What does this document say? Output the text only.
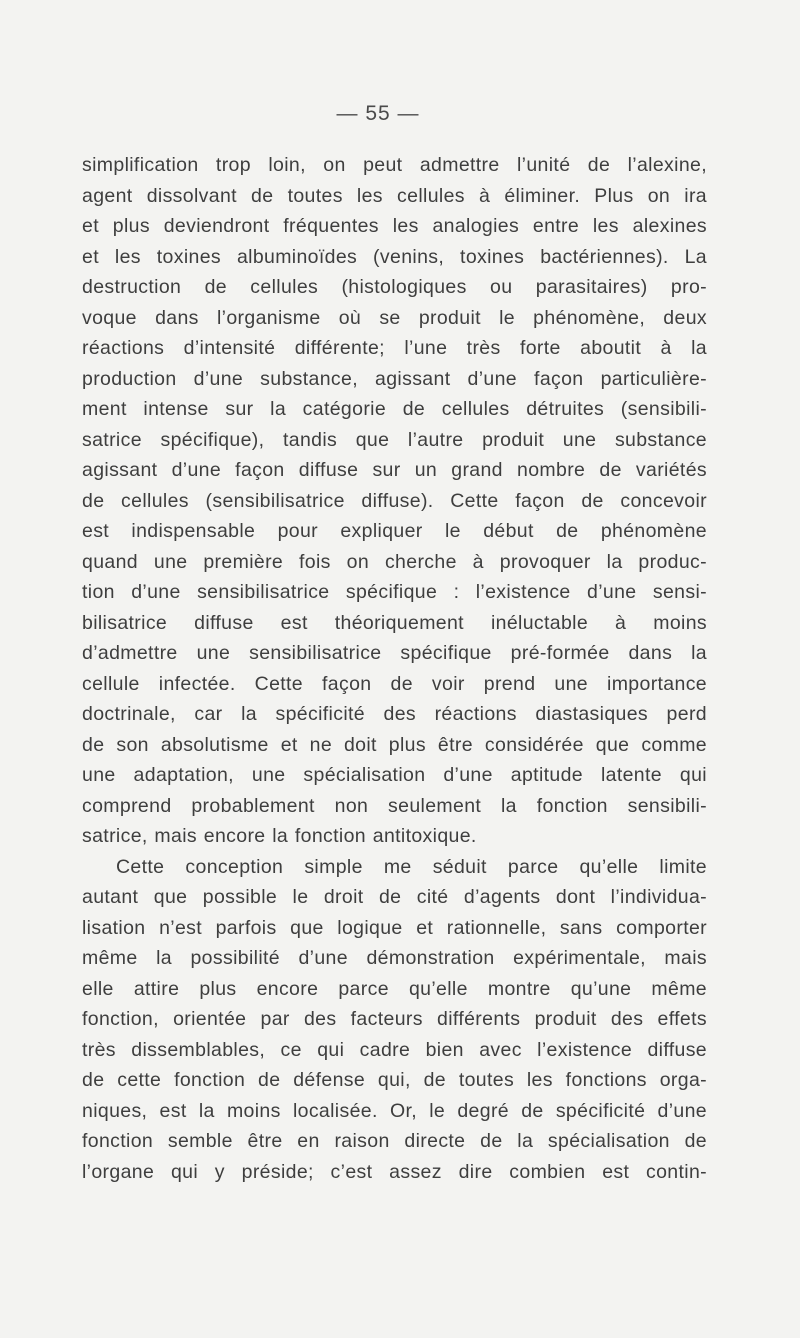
— 55 —
simplification trop loin, on peut admettre l’unité de l’alexine,
agent dissolvant de toutes les cellules à éliminer. Plus on ira
et plus deviendront fréquentes les analogies entre les alexines
et les toxines albuminoïdes (venins, toxines bactériennes). La
destruction de cellules (histologiques ou parasitaires) pro-
voque dans l’organisme où se produit le phénomène, deux
réactions d’intensité différente; l’une très forte aboutit à la
production d’une substance, agissant d’une façon particulière-
ment intense sur la catégorie de cellules détruites (sensibili-
satrice spécifique), tandis que l’autre produit une substance
agissant d’une façon diffuse sur un grand nombre de variétés
de cellules (sensibilisatrice diffuse). Cette façon de concevoir
est indispensable pour expliquer le début de phénomène
quand une première fois on cherche à provoquer la produc-
tion d’une sensibilisatrice spécifique : l’existence d’une sensi-
bilisatrice diffuse est théoriquement inéluctable à moins
d’admettre une sensibilisatrice spécifique pré-formée dans la
cellule infectée. Cette façon de voir prend une importance
doctrinale, car la spécificité des réactions diastasiques perd
de son absolutisme et ne doit plus être considérée que comme
une adaptation, une spécialisation d’une aptitude latente qui
comprend probablement non seulement la fonction sensibili-
satrice, mais encore la fonction antitoxique.
Cette conception simple me séduit parce qu’elle limite
autant que possible le droit de cité d’agents dont l’individua-
lisation n’est parfois que logique et rationnelle, sans comporter
même la possibilité d’une démonstration expérimentale, mais
elle attire plus encore parce qu’elle montre qu’une même
fonction, orientée par des facteurs différents produit des effets
très dissemblables, ce qui cadre bien avec l’existence diffuse
de cette fonction de défense qui, de toutes les fonctions orga-
niques, est la moins localisée. Or, le degré de spécificité d’une
fonction semble être en raison directe de la spécialisation de
l’organe qui y préside; c’est assez dire combien est contin-
